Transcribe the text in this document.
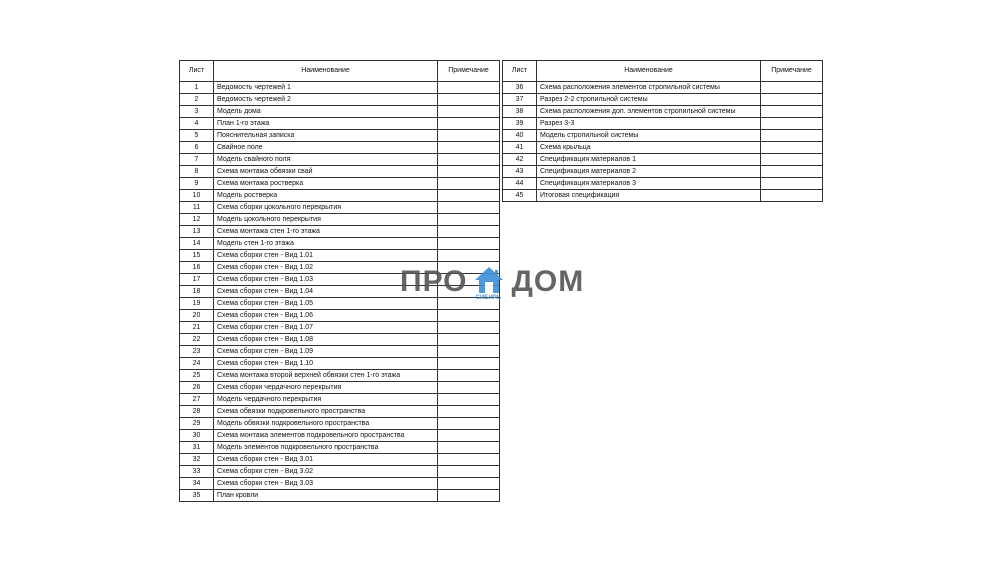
Лист	Наименование	Примечание
1	Ведомость чертежей 1	
2	Ведомость чертежей 2	
3	Модель дома	
4	План 1-го этажа	
5	Пояснительная записка	
6	Свайное поле	
7	Модель свайного поля	
8	Схема монтажа обвязки свай	
9	Схема монтажа ростверка	
10	Модель ростверка	
11	Схема сборки цокольного перекрытия	
12	Модель цокольного перекрытия	
13	Схема монтажа стен 1-го этажа	
14	Модель стен 1-го этажа	
15	Схема сборки стен - Вид 1.01	
16	Схема сборки стен - Вид 1.02	
17	Схема сборки стен - Вид 1.03	
18	Схема сборки стен - Вид 1.04	
19	Схема сборки стен - Вид 1.05	
20	Схема сборки стен - Вид 1.06	
21	Схема сборки стен - Вид 1.07	
22	Схема сборки стен - Вид 1.08	
23	Схема сборки стен - Вид 1.09	
24	Схема сборки стен - Вид 1.10	
25	Схема монтажа второй верхней обвязки стен 1-го этажа	
26	Схема сборки чердачного перекрытия	
27	Модель чердачного перекрытия	
28	Схема обвязки подкровельного пространства	
29	Модель обвязки подкровельного пространства	
30	Схема монтажа элементов подкровельного пространства	
31	Модель элементов подкровельного пространства	
32	Схема сборки стен - Вид 3.01	
33	Схема сборки стен - Вид 3.02	
34	Схема сборки стен - Вид 3.03	
35	План кровли	
Лист	Наименование	Примечание
36	Схема расположения элементов стропильной системы	
37	Разрез 2-2 стропильной системы	
38	Схема расположения доп. элементов стропильной системы	
39	Разрез 3-3	
40	Модель стропильной системы	
41	Схема крыльца	
42	Спецификация материалов 1	
43	Спецификация материалов 2	
44	Спецификация материалов 3	
45	Итоговая спецификация	
ПРО СИБИРЬ ДОМ
